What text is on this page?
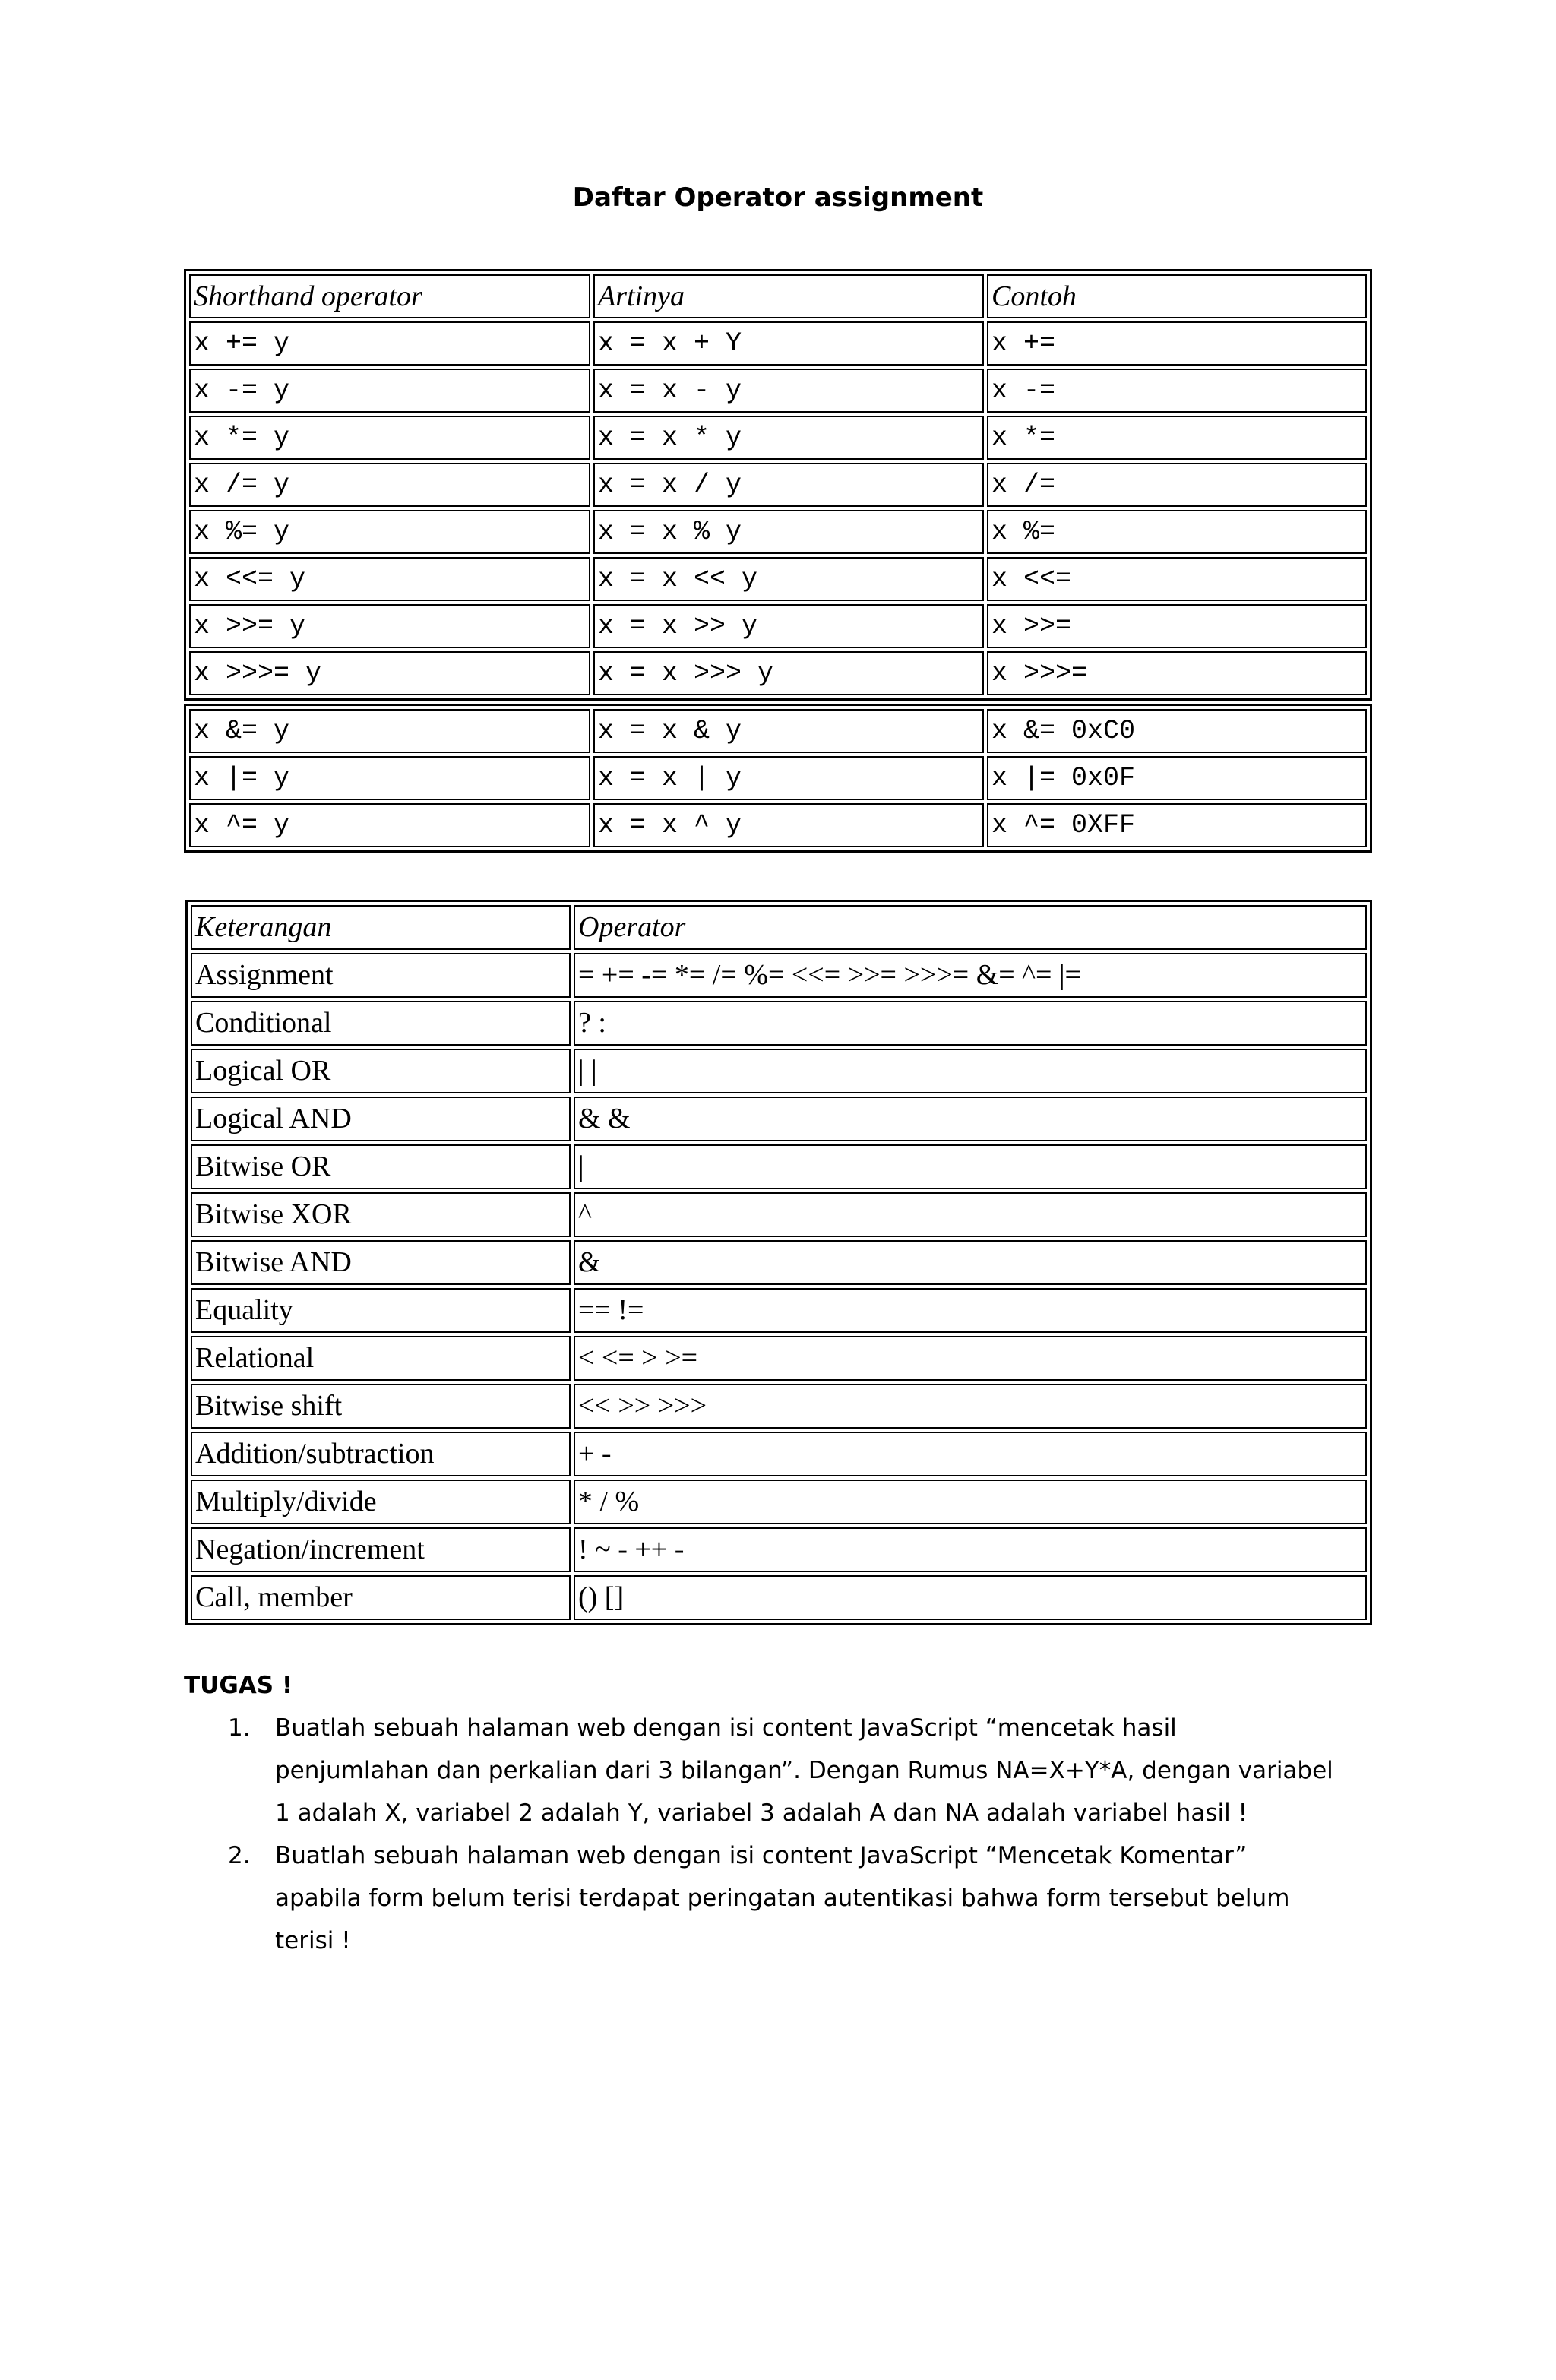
Daftar Operator assignment
Shorthand operator	Artinya	Contoh
x += y	x = x + Y	x +=
x -= y	x = x - y	x -=
x *= y	x = x * y	x *=
x /= y	x = x / y	x /=
x %= y	x = x % y	x %=
x <<= y	x = x << y	x <<=
x >>= y	x = x >> y	x >>=
x >>>= y	x = x >>> y	x >>>=
x &= y	x = x & y	x &= 0xC0
x |= y	x = x | y	x |= 0x0F
x ^= y	x = x ^ y	x ^= 0XFF
Keterangan	Operator
Assignment	= += -= *= /= %= <<= >>= >>>= &= ^= |=
Conditional	? :
Logical OR	| |
Logical AND	& &
Bitwise OR	|
Bitwise XOR	^
Bitwise AND	&
Equality	== !=
Relational	< <= > >=
Bitwise shift	<< >> >>>
Addition/subtraction	+ -
Multiply/divide	* / %
Negation/increment	! ~ - ++ -
Call, member	() []
TUGAS !
1. Buatlah sebuah halaman web dengan isi content JavaScript “mencetak hasil
penjumlahan dan perkalian dari 3 bilangan”. Dengan Rumus NA=X+Y*A, dengan variabel
1 adalah X, variabel 2 adalah Y, variabel 3 adalah A dan NA adalah variabel hasil !
2. Buatlah sebuah halaman web dengan isi content JavaScript “Mencetak Komentar”
apabila form belum terisi terdapat peringatan autentikasi bahwa form tersebut belum
terisi !
